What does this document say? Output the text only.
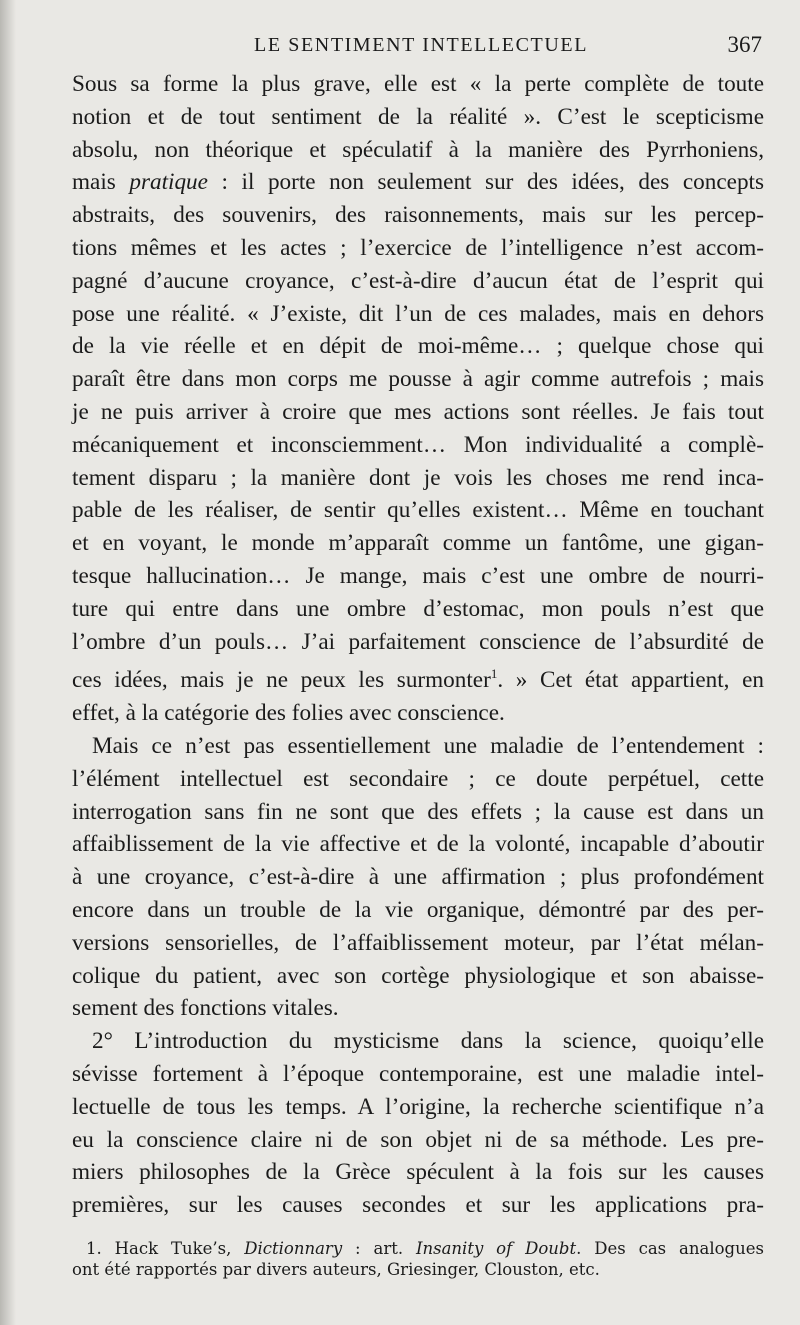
LE SENTIMENT INTELLECTUEL	367
Sous sa forme la plus grave, elle est « la perte complète de toute
notion et de tout sentiment de la réalité ». C’est le scepticisme
absolu, non théorique et spéculatif à la manière des Pyrrhoniens,
mais pratique : il porte non seulement sur des idées, des concepts
abstraits, des souvenirs, des raisonnements, mais sur les percep-
tions mêmes et les actes ; l’exercice de l’intelligence n’est accom-
pagné d’aucune croyance, c’est-à-dire d’aucun état de l’esprit qui
pose une réalité. « J’existe, dit l’un de ces malades, mais en dehors
de la vie réelle et en dépit de moi-même… ; quelque chose qui
paraît être dans mon corps me pousse à agir comme autrefois ; mais
je ne puis arriver à croire que mes actions sont réelles. Je fais tout
mécaniquement et inconsciemment… Mon individualité a complè-
tement disparu ; la manière dont je vois les choses me rend inca-
pable de les réaliser, de sentir qu’elles existent… Même en touchant
et en voyant, le monde m’apparaît comme un fantôme, une gigan-
tesque hallucination… Je mange, mais c’est une ombre de nourri-
ture qui entre dans une ombre d’estomac, mon pouls n’est que
l’ombre d’un pouls… J’ai parfaitement conscience de l’absurdité de
ces idées, mais je ne peux les surmonter$^1$. » Cet état appartient, en
effet, à la catégorie des folies avec conscience.
Mais ce n’est pas essentiellement une maladie de l’entendement :
l’élément intellectuel est secondaire ; ce doute perpétuel, cette
interrogation sans fin ne sont que des effets ; la cause est dans un
affaiblissement de la vie affective et de la volonté, incapable d’aboutir
à une croyance, c’est-à-dire à une affirmation ; plus profondément
encore dans un trouble de la vie organique, démontré par des per-
versions sensorielles, de l’affaiblissement moteur, par l’état mélan-
colique du patient, avec son cortège physiologique et son abaisse-
sement des fonctions vitales.
2° L’introduction du mysticisme dans la science, quoiqu’elle
sévisse fortement à l’époque contemporaine, est une maladie intel-
lectuelle de tous les temps. A l’origine, la recherche scientifique n’a
eu la conscience claire ni de son objet ni de sa méthode. Les pre-
miers philosophes de la Grèce spéculent à la fois sur les causes
premières, sur les causes secondes et sur les applications pra-
1. Hack Tuke’s, Dictionnary : art. Insanity of Doubt. Des cas analogues
ont été rapportés par divers auteurs, Griesinger, Clouston, etc.
